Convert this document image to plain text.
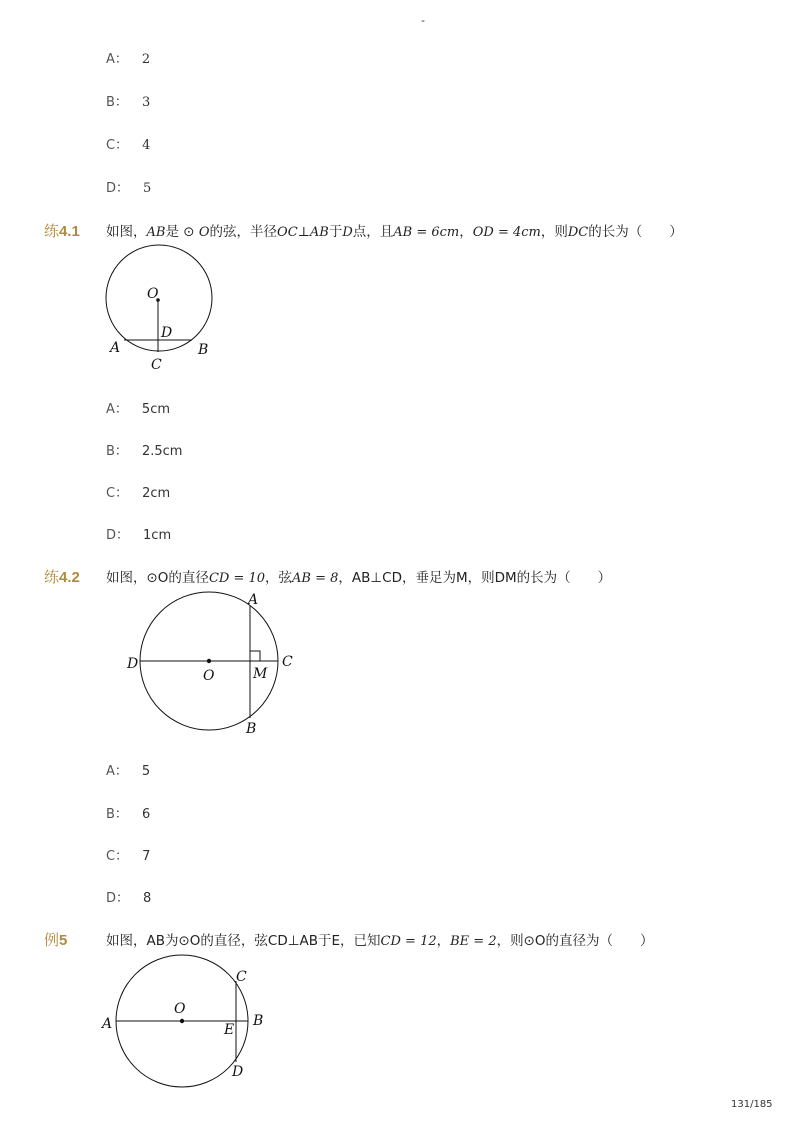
-
A： 2
B： 3
C： 4
D： 5
练4.1 如图，AB是 ⊙ O的弦，半径OC⊥AB于D点，且AB = 6cm，OD = 4cm，则DC的长为（　　）
O
D
A	B
C
A： 5cm
B： 2.5cm
C： 2cm
D： 1cm
练4.2 如图，⊙O的直径CD = 10，弦AB = 8，AB⊥CD，垂足为M，则DM的长为（　　）
A
B
C
D
O	M
A： 5
B： 6
C： 7
D： 8
例5	如图，AB为⊙O的直径，弦CD⊥AB于E，已知CD = 12，BE = 2，则⊙O的直径为（　　）
A	B
C
D
O
E
131/185
